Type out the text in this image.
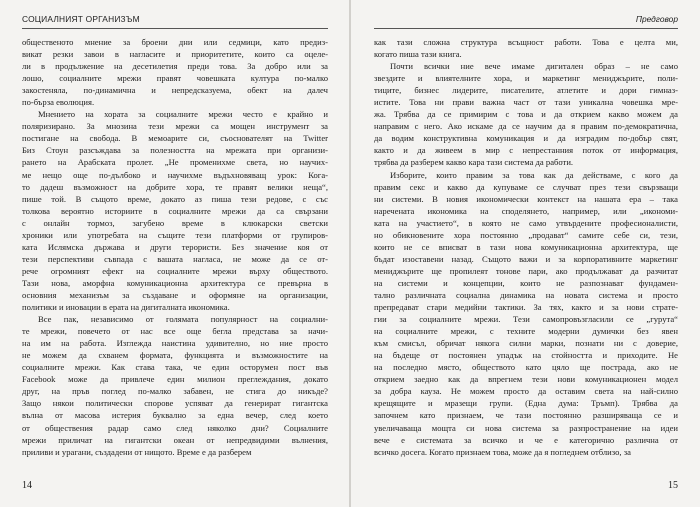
СОЦИАЛНИЯТ ОРГАНИЗЪМ
общественото мнение за броени дни или седмици, като предиз-
викат резки завои в нагласите и приоритетите, които са оцеле-
ли в продължение на десетилетия преди това. За добро или за
лошо, социалните мрежи правят човешката култура по-малко
закостеняла, по-динамична и непредсказуема, обект на далеч
по-бърза еволюция.
Мнението на хората за социалните мрежи често е крайно и
поляризирано. За мнозина тези мрежи са мощен инструмент за
постигане на свобода. В мемоарите си, съоснователят на Twitter
Биз Стоун разсъждава за полезността на мрежата при организи-
рането на Арабската пролет. „Не променихме света, но научих-
ме нещо още по-дълбоко и научихме въдъхновяващ урок: Кога-
то дадеш възможност на добрите хора, те правят велики неща“,
пише той. В същото време, докато аз пиша тези редове, с със
толкова вероятно историите в социалните мрежи да са свързани
с онлайн тормоз, загубено време в клюкарски светски
хроники или употребата на същите тези платформи от групиров-
ката Ислямска държава и други терористи. Без значение коя от
тези перспективи съвпада с вашата нагласа, не може да се от-
рече огромният ефект на социалните мрежи върху обществото.
Тази нова, аморфна комуникационна архитектура се превърна в
основния механизъм за създаване и оформяне на организации,
политики и иновации в ерата на дигиталната икономика.
Все пак, независимо от голямата популярност на социални-
те мрежи, повечето от нас все още бегла представа за начи-
на им на работа. Изглежда наистина удивително, но ние просто
не можем да схванем формата, функцията и възможностите на
социалните мрежи. Как става така, че един осторумен пост във
Facebook може да привлече един милион преглеждания, докато
друг, на пръв поглед по-малко забавен, не стига до никъде?
Защо някои политически спорове успяват да генерират гигантска
вълна от масова истерия буквално за една вечер, след което
от обществения радар само след няколко дни? Социалните
мрежи приличат на гигантски океан от непредвидими вълнения,
приливи и урагани, създадени от нищото. Време е да разберем
14
Предговор
как тази сложна структура всъщност работи. Това е целта ми,
когато пиша тази книга.
Почти всички ние вече имаме дигитален образ – не само
звездите и влиятелните хора, и маркетинг мениджърите, поли-
тиците, бизнес лидерите, писателите, атлетите и дори гимназ-
истите. Това ни прави важна част от тази уникална човешка мре-
жа. Трябва да се примирим с това и да открием какво можем да
направим с него. Ако искаме да се научим да я правим по-демократична,
да водим конструктивна комуникация и да изградим по-добър свят,
както и да живеем в мир с непрестанния поток от информация,
трябва да разберем какво кара тази система да работи.
Изборите, които правим за това как да действаме, с кого да
правим секс и какво да купуваме се случват през тези свързващи
ни системи. В новия икономически контекст на нашата ера – така
наречената икономика на споделянето, например, или „икономи-
ката на участието“, в която не само утвърдените професионалисти,
но обикновените хора постоянно „продават“ самите себе си, тези,
които не се вписват в тази нова комуникационна архитектура, ще
бъдат изоставени назад. Същото важи и за корпоративните маркетинг
мениджърите ще пропилеят тонове пари, ако продължават да разчитат
на системи и концепции, които не разпознават фундамен-
тално различната социална динамика на новата система и просто
препредават стари медийни тактики. За тях, както и за нови страте-
гии за социалните мрежи. Тези самопровъзгласили се „гурута“
на социалните мрежи, с техните модерни думички без явен
към смисъл, обричат някога силни марки, познати ни с доверие,
на бъдеще от постоянен упадък на стойността и приходите. Не
на последно място, обществото като цяло ще пострада, ако не
открием заедно как да впрегнем тези нови комуникационен модел
за добра кауза. Не можем просто да оставим света на най-силно
крещящите и мразещи групи. (Една дума: Тръмп). Трябва да
започнем като признаем, че тази постоянно разширяваща се и
увеличаваща мощта си нова система за разпространение на идеи
вече е системата за всичко и че е категорично различна от
всичко досега. Когато признаем това, може да я погледнем отблизо, за
15
